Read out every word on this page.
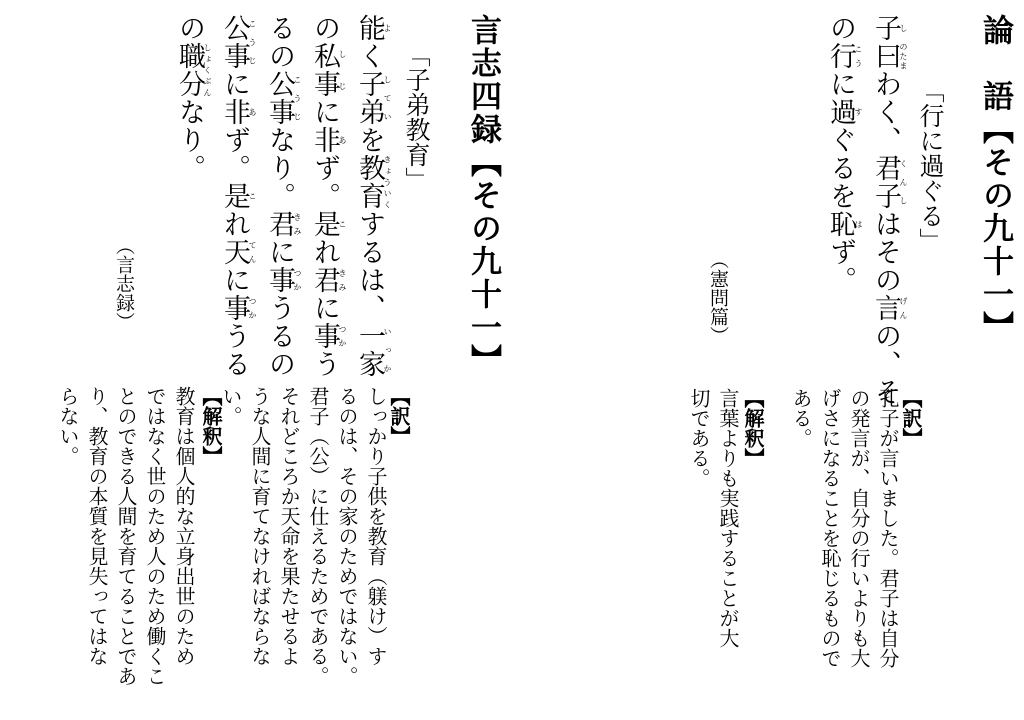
論　語【その九十一】
「行に過ぐる」
子し曰のたまわく、君子くんしはその言げんの、そ
の行こうに過すぐるを恥はず。
（憲問篇）
【訳】
孔子が言いました。君子は自分
の発言が、自分の行いよりも大
げさになることを恥じるもので
ある。
【解釈】
言葉よりも実践することが大
切である。
言志四録【その九十一】
「子弟教育」
能よく子弟していを教育きょういくするは、一家いっか
の私事しじに非あず。是これ君きみに事つかう
るの公事こうじなり。君きみに事つかうるの
公事こうじに非あず。是これ天てんに事つかうる
の職分しょくぶんなり。
（言志録）
【訳】
しっかり子供を教育（躾け）す
るのは、その家のためではない。
君子（公）に仕えるためである。
それどころか天命を果たせるよ
うな人間に育てなければならな
い。
【解釈】
教育は個人的な立身出世のため
ではなく世のため人のため働くこ
とのできる人間を育てることであ
り、教育の本質を見失ってはな
らない。
